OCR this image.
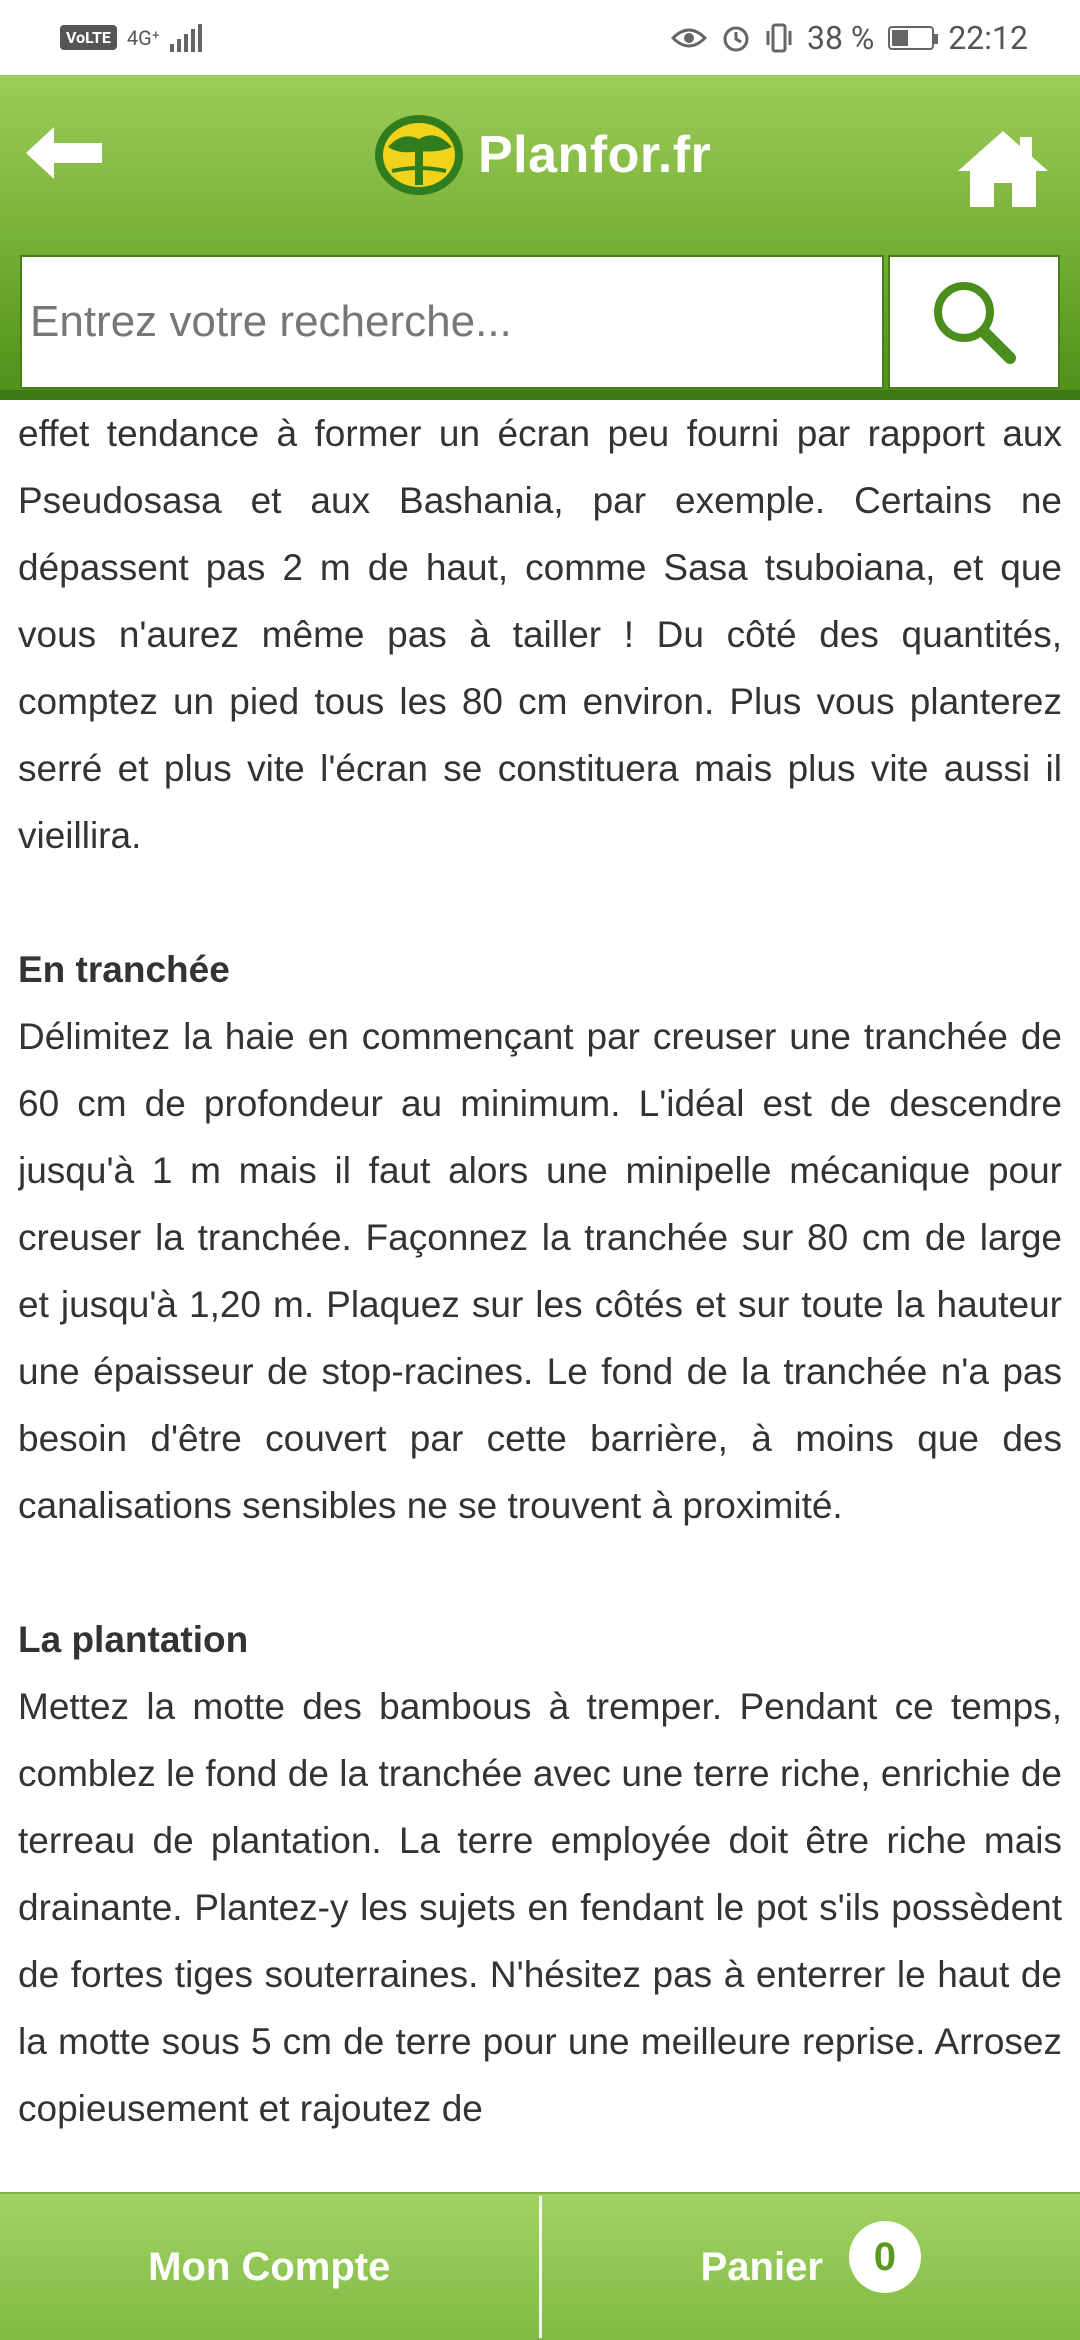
VoLTE 4G⁺	38 % 22:12
Planfor.fr
Entrez votre recherche...

effet tendance à former un écran peu fourni par rapport aux Pseudosasa et aux Bashania, par exemple. Certains ne dépassent pas 2 m de haut, comme Sasa tsuboiana, et que vous n'aurez même pas à tailler ! Du côté des quantités, comptez un pied tous les 80 cm environ. Plus vous planterez serré et plus vite l'écran se constituera mais plus vite aussi il vieillira.

En tranchée

Délimitez la haie en commençant par creuser une tranchée de 60 cm de profondeur au minimum. L'idéal est de descendre jusqu'à 1 m mais il faut alors une minipelle mécanique pour creuser la tranchée. Façonnez la tranchée sur 80 cm de large et jusqu'à 1,20 m. Plaquez sur les côtés et sur toute la hauteur une épaisseur de stop-racines. Le fond de la tranchée n'a pas besoin d'être couvert par cette barrière, à moins que des canalisations sensibles ne se trouvent à proximité.

La plantation

Mettez la motte des bambous à tremper. Pendant ce temps, comblez le fond de la tranchée avec une terre riche, enrichie de terreau de plantation. La terre employée doit être riche mais drainante. Plantez-y les sujets en fendant le pot s'ils possèdent de fortes tiges souterraines. N'hésitez pas à enterrer le haut de la motte sous 5 cm de terre pour une meilleure reprise. Arrosez copieusement et rajoutez de

Mon Compte	Panier	0
